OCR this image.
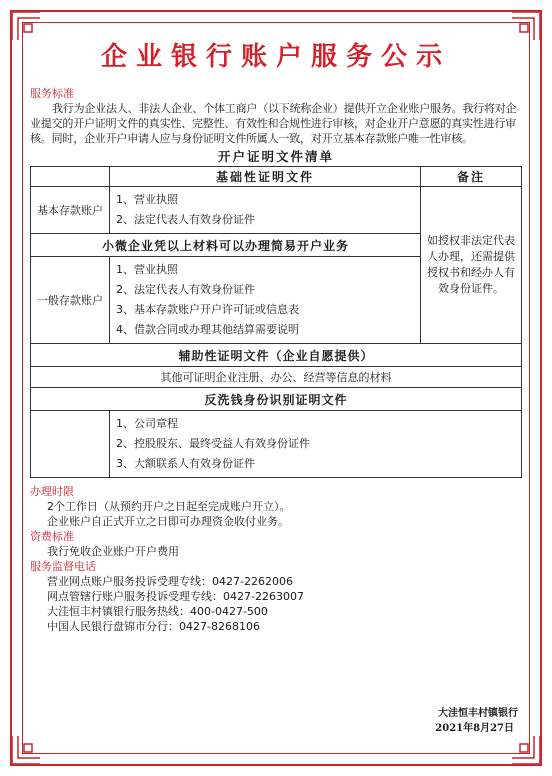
企业银行账户服务公示
服务标准
我行为企业法人、非法人企业、个体工商户（以下统称企业）提供开立企业账户服务。我行将对企业提交的开户证明文件的真实性、完整性、有效性和合规性进行审核，对企业开户意愿的真实性进行审核。同时，企业开户申请人应与身份证明文件所属人一致，对开立基本存款账户唯一性审核。
开户证明文件清单
	基础性证明文件	备注
基本存款账户	1、营业执照
2、法定代表人有效身份证件	如授权非法定代表人办理，还需提供授权书和经办人有效身份证件。
小微企业凭以上材料可以办理简易开户业务		
一般存款账户	1、营业执照
2、法定代表人有效身份证件
3、基本存款账户开户许可证或信息表
4、借款合同或办理其他结算需要说明	

辅助性证明文件（企业自愿提供）		
其他可证明企业注册、办公、经营等信息的材料		
反洗钱身份识别证明文件		

	1、公司章程
2、控股股东、最终受益人有效身份证件
3、大额联系人有效身份证件	
办理时限
2个工作日（从预约开户之日起至完成账户开立）。
企业账户自正式开立之日即可办理资金收付业务。
资费标准
我行免收企业账户开户费用
服务监督电话
营业网点账户服务投诉受理专线：0427-2262006
网点管辖行账户服务投诉受理专线：0427-2263007
大洼恒丰村镇银行服务热线：400-0427-500
中国人民银行盘锦市分行：0427-8268106
大洼恒丰村镇银行
2021年8月27日
